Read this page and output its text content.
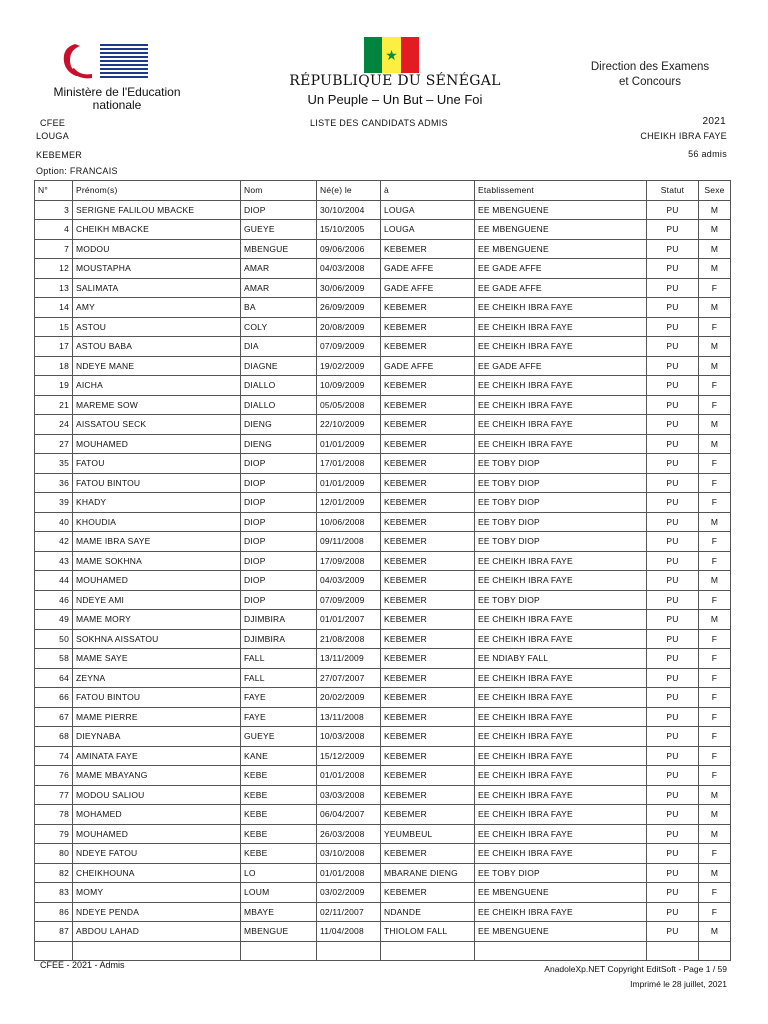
Ministère de l'Education nationale
★
RÉPUBLIQUE DU SÉNÉGAL
Un Peuple – Un But – Une Foi
Direction des Examens
et Concours
CFEE	LISTE DES CANDIDATS ADMIS	2021
LOUGA	CHEIKH IBRA FAYE
KEBEMER	56 admis
Option: FRANCAIS
N°	Prénom(s)	Nom	Né(e) le	à	Etablissement	Statut	Sexe
3	SERIGNE FALILOU MBACKE	DIOP	30/10/2004	LOUGA	EE MBENGUENE	PU	M
4	CHEIKH MBACKE	GUEYE	15/10/2005	LOUGA	EE MBENGUENE	PU	M
7	MODOU	MBENGUE	09/06/2006	KEBEMER	EE MBENGUENE	PU	M
12	MOUSTAPHA	AMAR	04/03/2008	GADE AFFE	EE GADE AFFE	PU	M
13	SALIMATA	AMAR	30/06/2009	GADE AFFE	EE GADE AFFE	PU	F
14	AMY	BA	26/09/2009	KEBEMER	EE CHEIKH IBRA FAYE	PU	M
15	ASTOU	COLY	20/08/2009	KEBEMER	EE CHEIKH IBRA FAYE	PU	F
17	ASTOU BABA	DIA	07/09/2009	KEBEMER	EE CHEIKH IBRA FAYE	PU	M
18	NDEYE MANE	DIAGNE	19/02/2009	GADE AFFE	EE GADE AFFE	PU	M
19	AICHA	DIALLO	10/09/2009	KEBEMER	EE CHEIKH IBRA FAYE	PU	F
21	MAREME SOW	DIALLO	05/05/2008	KEBEMER	EE CHEIKH IBRA FAYE	PU	F
24	AISSATOU SECK	DIENG	22/10/2009	KEBEMER	EE CHEIKH IBRA FAYE	PU	M
27	MOUHAMED	DIENG	01/01/2009	KEBEMER	EE CHEIKH IBRA FAYE	PU	M
35	FATOU	DIOP	17/01/2008	KEBEMER	EE TOBY DIOP	PU	F
36	FATOU BINTOU	DIOP	01/01/2009	KEBEMER	EE TOBY DIOP	PU	F
39	KHADY	DIOP	12/01/2009	KEBEMER	EE TOBY DIOP	PU	F
40	KHOUDIA	DIOP	10/06/2008	KEBEMER	EE TOBY DIOP	PU	M
42	MAME IBRA SAYE	DIOP	09/11/2008	KEBEMER	EE TOBY DIOP	PU	F
43	MAME SOKHNA	DIOP	17/09/2008	KEBEMER	EE CHEIKH IBRA FAYE	PU	F
44	MOUHAMED	DIOP	04/03/2009	KEBEMER	EE CHEIKH IBRA FAYE	PU	M
46	NDEYE AMI	DIOP	07/09/2009	KEBEMER	EE TOBY DIOP	PU	F
49	MAME MORY	DJIMBIRA	01/01/2007	KEBEMER	EE CHEIKH IBRA FAYE	PU	M
50	SOKHNA AISSATOU	DJIMBIRA	21/08/2008	KEBEMER	EE CHEIKH IBRA FAYE	PU	F
58	MAME SAYE	FALL	13/11/2009	KEBEMER	EE NDIABY FALL	PU	F
64	ZEYNA	FALL	27/07/2007	KEBEMER	EE CHEIKH IBRA FAYE	PU	F
66	FATOU BINTOU	FAYE	20/02/2009	KEBEMER	EE CHEIKH IBRA FAYE	PU	F
67	MAME PIERRE	FAYE	13/11/2008	KEBEMER	EE CHEIKH IBRA FAYE	PU	F
68	DIEYNABA	GUEYE	10/03/2008	KEBEMER	EE CHEIKH IBRA FAYE	PU	F
74	AMINATA FAYE	KANE	15/12/2009	KEBEMER	EE CHEIKH IBRA FAYE	PU	F
76	MAME MBAYANG	KEBE	01/01/2008	KEBEMER	EE CHEIKH IBRA FAYE	PU	F
77	MODOU SALIOU	KEBE	03/03/2008	KEBEMER	EE CHEIKH IBRA FAYE	PU	M
78	MOHAMED	KEBE	06/04/2007	KEBEMER	EE CHEIKH IBRA FAYE	PU	M
79	MOUHAMED	KEBE	26/03/2008	YEUMBEUL	EE CHEIKH IBRA FAYE	PU	M
80	NDEYE FATOU	KEBE	03/10/2008	KEBEMER	EE CHEIKH IBRA FAYE	PU	F
82	CHEIKHOUNA	LO	01/01/2008	MBARANE DIENG	EE TOBY DIOP	PU	M
83	MOMY	LOUM	03/02/2009	KEBEMER	EE MBENGUENE	PU	F
86	NDEYE PENDA	MBAYE	02/11/2007	NDANDE	EE CHEIKH IBRA FAYE	PU	F
87	ABDOU LAHAD	MBENGUE	11/04/2008	THIOLOM FALL	EE MBENGUENE	PU	M

CFEE - 2021 - Admis	AnadoleXp.NET Copyright EditSoft - Page 1 / 59
Imprimé le 28 juillet, 2021
